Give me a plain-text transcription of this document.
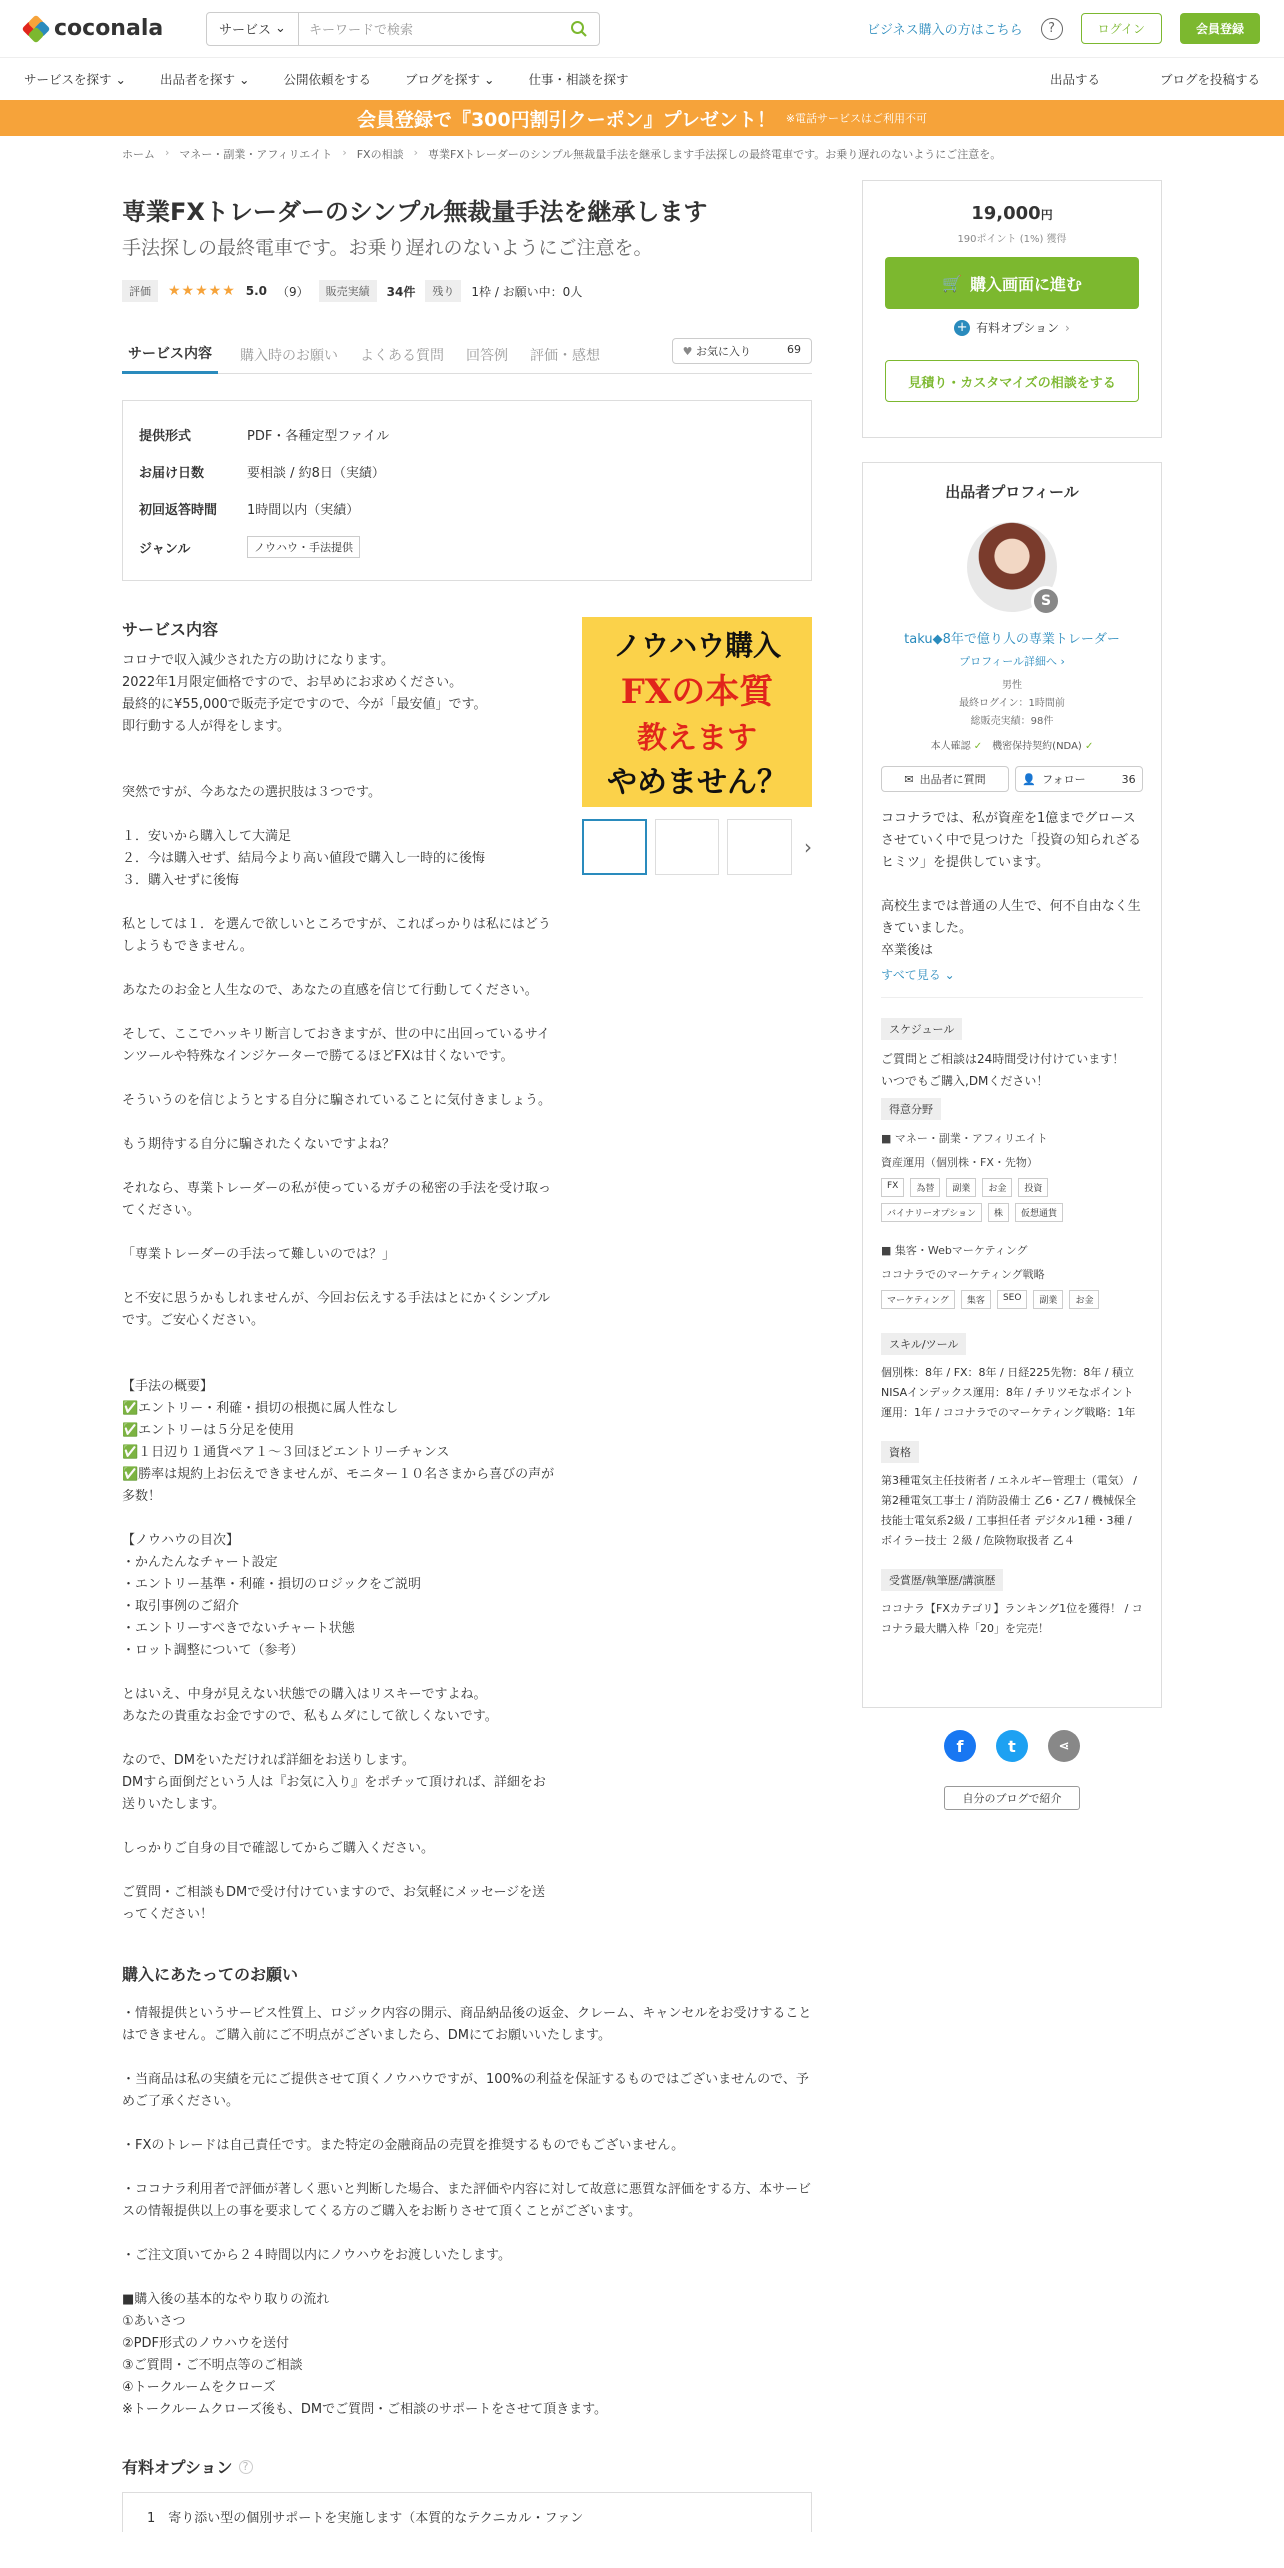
coconala	サービス ⌄	キーワードで検索	ビジネス購入の方はこちら	?	ログイン	会員登録
サービスを探す ⌄	出品者を探す ⌄	公開依頼をする	ブログを探す ⌄	仕事・相談を探す	出品する	ブログを投稿する
会員登録で『300円割引クーポン』プレゼント！ ※電話サービスはご利用不可
ホーム › マネー・副業・アフィリエイト › FXの相談 › 専業FXトレーダーのシンプル無裁量手法を継承します手法探しの最終電車です。お乗り遅れのないようにご注意を。
専業FXトレーダーのシンプル無裁量手法を継承します
手法探しの最終電車です。お乗り遅れのないようにご注意を。
評価	★★★★★ 5.0 （9）	販売実績	34件	残り	1枠 / お願い中：0人
サービス内容	購入時のお願い よくある質問 回答例 評価・感想	♥ お気に入り	69
提供形式	PDF・各種定型ファイル
お届け日数	要相談 / 約8日（実績）
初回返答時間	1時間以内（実績）
ジャンル	ノウハウ・手法提供
サービス内容
コロナで収入減少された方の助けになります。
2022年1月限定価格ですので、お早めにお求めください。
最終的に¥55,000で販売予定ですので、今が「最安値」です。
即行動する人が得をします。

突然ですが、今あなたの選択肢は３つです。

１．安いから購入して大満足
２．今は購入せず、結局今より高い値段で購入し一時的に後悔
３．購入せずに後悔

私としては１．を選んで欲しいところですが、こればっかりは私にはどうしようもできません。

あなたのお金と人生なので、あなたの直感を信じて行動してください。

そして、ここでハッキリ断言しておきますが、世の中に出回っているサインツールや特殊なインジケーターで勝てるほどFXは甘くないです。

そういうのを信じようとする自分に騙されていることに気付きましょう。

もう期待する自分に騙されたくないですよね？

それなら、専業トレーダーの私が使っているガチの秘密の手法を受け取ってください。

「専業トレーダーの手法って難しいのでは？」

と不安に思うかもしれませんが、今回お伝えする手法はとにかくシンプルです。ご安心ください。

【手法の概要】
✅エントリー・利確・損切の根拠に属人性なし
✅エントリーは５分足を使用
✅１日辺り１通貨ペア１〜３回ほどエントリーチャンス
✅勝率は規約上お伝えできませんが、モニター１０名さまから喜びの声が多数！

【ノウハウの目次】
・かんたんなチャート設定
・エントリー基準・利確・損切のロジックをご説明
・取引事例のご紹介
・エントリーすべきでないチャート状態
・ロット調整について（参考）

とはいえ、中身が見えない状態での購入はリスキーですよね。
あなたの貴重なお金ですので、私もムダにして欲しくないです。

なので、DMをいただければ詳細をお送りします。
DMすら面倒だという人は『お気に入り』をポチッて頂ければ、詳細をお送りいたします。

しっかりご自身の目で確認してからご購入ください。

ご質問・ご相談もDMで受け付けていますので、お気軽にメッセージを送ってください！
ノウハウ購入
FXの本質
教えます
やめません？
›
購入にあたってのお願い
・情報提供というサービス性質上、ロジック内容の開示、商品納品後の返金、クレーム、キャンセルをお受けすることはできません。ご購入前にご不明点がございましたら、DMにてお願いいたします。

・当商品は私の実績を元にご提供させて頂くノウハウですが、100%の利益を保証するものではございませんので、予めご了承ください。

・FXのトレードは自己責任です。また特定の金融商品の売買を推奨するものでもございません。

・ココナラ利用者で評価が著しく悪いと判断した場合、また評価や内容に対して故意に悪質な評価をする方、本サービスの情報提供以上の事を要求してくる方のご購入をお断りさせて頂くことがございます。

・ご注文頂いてから２４時間以内にノウハウをお渡しいたします。

■購入後の基本的なやり取りの流れ
①あいさつ
②PDF形式のノウハウを送付
③ご質問・ご不明点等のご相談
④トークルームをクローズ
※トークルームクローズ後も、DMでご質問・ご相談のサポートをさせて頂きます。
有料オプション ?
1　寄り添い型の個別サポートを実施します（本質的なテクニカル・ファン
19,000円
190ポイント (1%) 獲得
🛒 購入画面に進む
+ 有料オプション ›
見積り・カスタマイズの相談をする
出品者プロフィール
S
taku◆8年で億り人の専業トレーダー
プロフィール詳細へ ›
男性
最終ログイン：1時間前
総販売実績：98件
本人確認 ✓ 機密保持契約(NDA) ✓
✉ 出品者に質問	👤 フォロー	36
ココナラでは、私が資産を1億までグロースさせていく中で見つけた「投資の知られざるヒミツ」を提供しています。

高校生までは普通の人生で、何不自由なく生きていました。
卒業後は
すべて見る ⌄
スケジュール
ご質問とご相談は24時間受け付けています！
いつでもご購入,DMください！
得意分野
■ マネー・副業・アフィリエイト
資産運用（個別株・FX・先物）
FX	為替	副業	お金	投資
バイナリーオプション	株	仮想通貨
■ 集客・Webマーケティング
ココナラでのマーケティング戦略
マーケティング	集客	SEO	副業	お金
スキル/ツール
個別株：8年 / FX：8年 / 日経225先物：8年 / 積立NISAインデックス運用：8年 / チリツモなポイント運用：1年 / ココナラでのマーケティング戦略：1年
資格
第3種電気主任技術者 / エネルギー管理士（電気） / 第2種電気工事士 / 消防設備士 乙6・乙7 / 機械保全技能士電気系2級 / 工事担任者 デジタル1種・3種 / ボイラー技士 ２級 / 危険物取扱者 乙４
受賞歴/執筆歴/講演歴
ココナラ【FXカテゴリ】ランキング1位を獲得！ / ココナラ最大購入枠「20」を完売！
f	t	⋖
自分のブログで紹介
